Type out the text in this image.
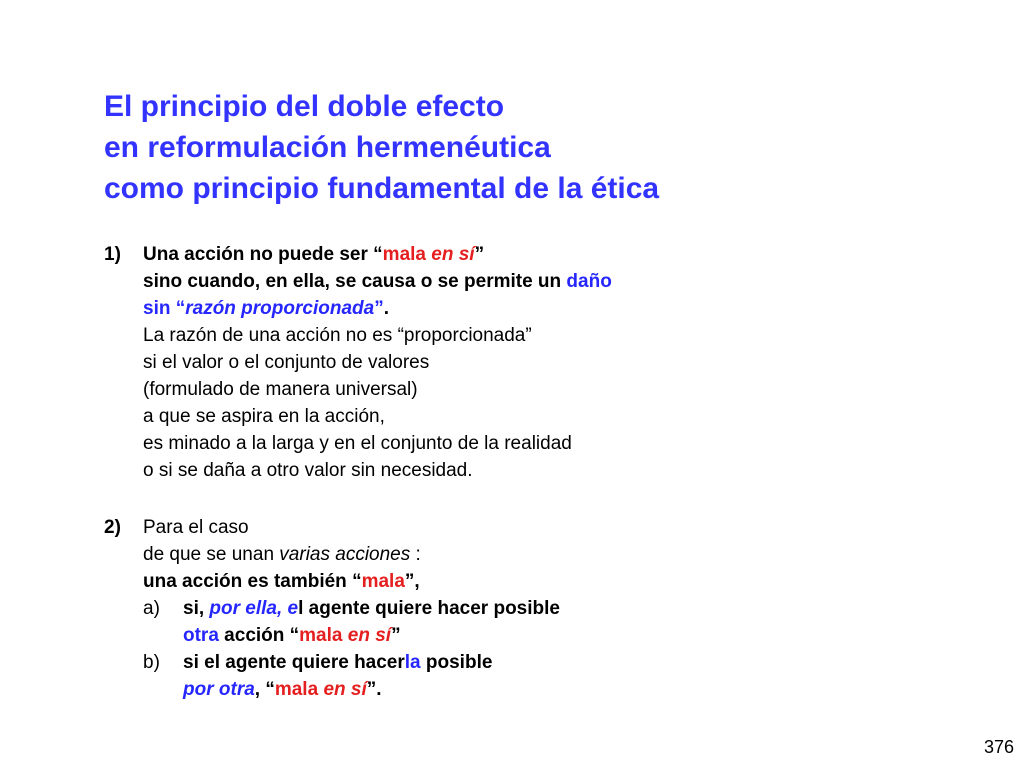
El principio del doble efecto
en reformulación hermenéutica
como principio fundamental de la ética
1) Una acción no puede ser “mala en sí”
sino cuando, en ella, se causa o se permite un daño
sin “razón proporcionada”.
La razón de una acción no es “proporcionada”
si el valor o el conjunto de valores
(formulado de manera universal)
a que se aspira en la acción,
es minado a la larga y en el conjunto de la realidad
o si se daña a otro valor sin necesidad.
2) Para el caso
de que se unan varias acciones :
una acción es también “mala”,
a) si, por ella, el agente quiere hacer posible
otra acción “mala en sí”
b) si el agente quiere hacerla posible
por otra, “mala en sí”.
376
